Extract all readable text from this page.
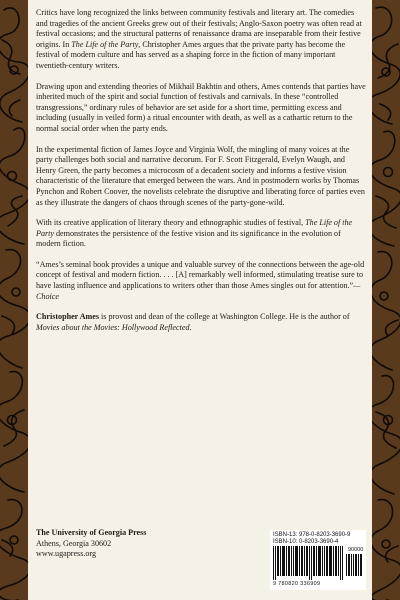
Critics have long recognized the links between community festivals and literary art. The comedies and tragedies of the ancient Greeks grew out of their festivals; Anglo-Saxon poetry was often read at festival occasions; and the structural patterns of renaissance drama are inseparable from their festive origins. In The Life of the Party, Christopher Ames argues that the private party has become the festival of modern culture and has served as a shaping force in the fiction of many important twentieth-century writers.

Drawing upon and extending theories of Mikhail Bakhtin and others, Ames contends that parties have inherited much of the spirit and social function of festivals and carnivals. In these “controlled transgressions,” ordinary rules of behavior are set aside for a short time, permitting excess and including (usually in veiled form) a ritual encounter with death, as well as a cathartic return to the normal social order when the party ends.

In the experimental fiction of James Joyce and Virginia Wolf, the mingling of many voices at the party challenges both social and narrative decorum. For F. Scott Fitzgerald, Evelyn Waugh, and Henry Green, the party becomes a microcosm of a decadent society and informs a festive vision characteristic of the literature that emerged between the wars. And in postmodern works by Thomas Pynchon and Robert Coover, the novelists celebrate the disruptive and liberating force of parties even as they illustrate the dangers of chaos through scenes of the party-gone-wild.

With its creative application of literary theory and ethnographic studies of festival, The Life of the Party demonstrates the persistence of the festive vision and its significance in the evolution of modern fiction.

“Ames’s seminal book provides a unique and valuable survey of the connections between the age-old concept of festival and modern fiction. . . . [A] remarkably well informed, stimulating treatise sure to have lasting influence and applications to writers other than those Ames singles out for attention.”—Choice

Christopher Ames is provost and dean of the college at Washington College. He is the author of Movies about the Movies: Hollywood Reflected.

The University of Georgia Press
Athens, Georgia 30602
www.ugapress.org
ISBN-13: 978-0-8203-3690-9
ISBN-10: 0-8203-3690-4
90000
9 780820 336909
